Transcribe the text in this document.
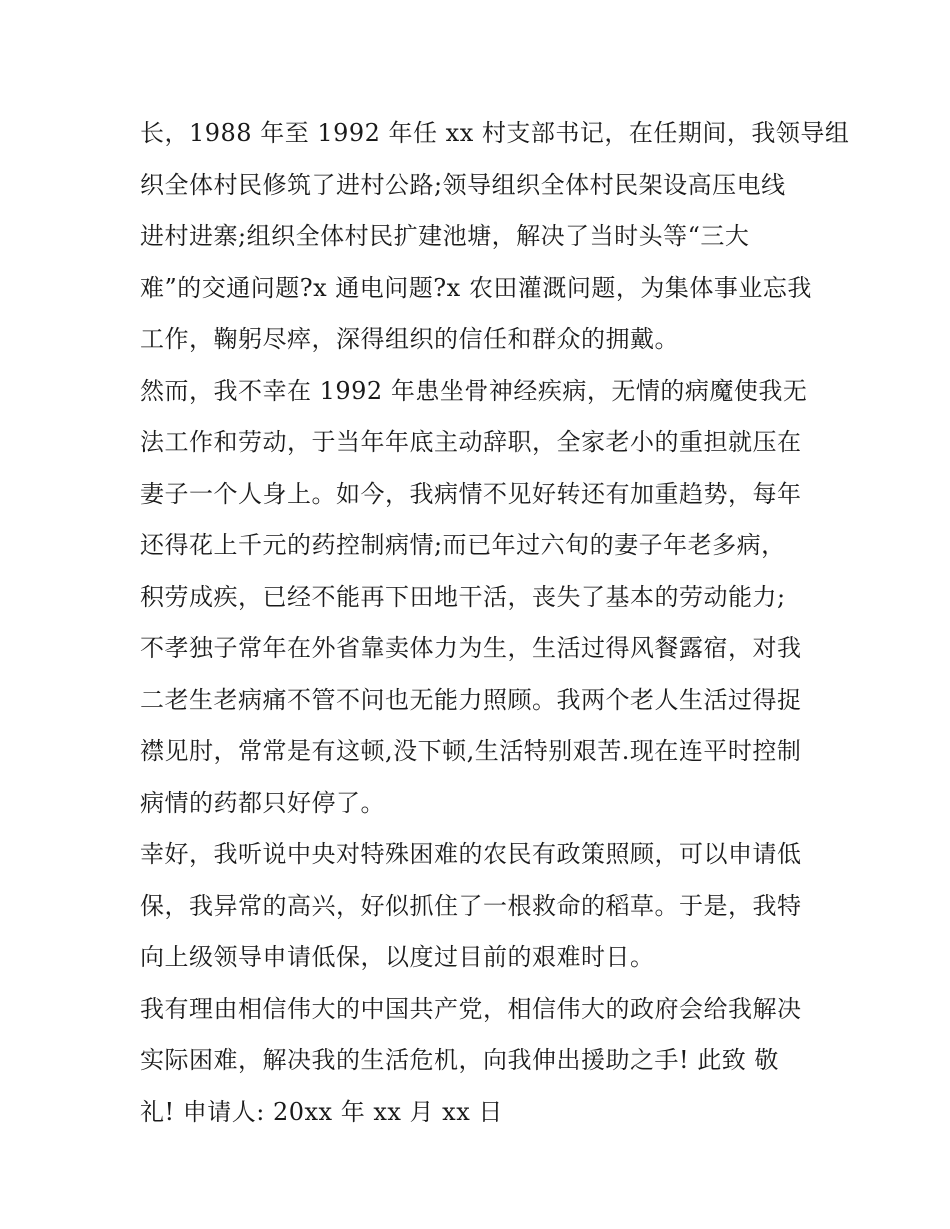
长，1988 年至 1992 年任 xx 村支部书记，在任期间，我领导组
织全体村民修筑了进村公路;领导组织全体村民架设高压电线
进村进寨;组织全体村民扩建池塘，解决了当时头等“三大
难”的交通问题?x 通电问题?x 农田灌溉问题，为集体事业忘我
工作，鞠躬尽瘁，深得组织的信任和群众的拥戴。
然而，我不幸在 1992 年患坐骨神经疾病，无情的病魔使我无
法工作和劳动，于当年年底主动辞职，全家老小的重担就压在
妻子一个人身上。如今，我病情不见好转还有加重趋势，每年
还得花上千元的药控制病情;而已年过六旬的妻子年老多病，
积劳成疾，已经不能再下田地干活，丧失了基本的劳动能力;
不孝独子常年在外省靠卖体力为生，生活过得风餐露宿，对我
二老生老病痛不管不问也无能力照顾。我两个老人生活过得捉
襟见肘，常常是有这顿,没下顿,生活特别艰苦.现在连平时控制
病情的药都只好停了。
幸好，我听说中央对特殊困难的农民有政策照顾，可以申请低
保，我异常的高兴，好似抓住了一根救命的稻草。于是，我特
向上级领导申请低保，以度过目前的艰难时日。
我有理由相信伟大的中国共产党，相信伟大的政府会给我解决
实际困难，解决我的生活危机，向我伸出援助之手! 此致 敬
礼! 申请人: 20xx 年 xx 月 xx 日
